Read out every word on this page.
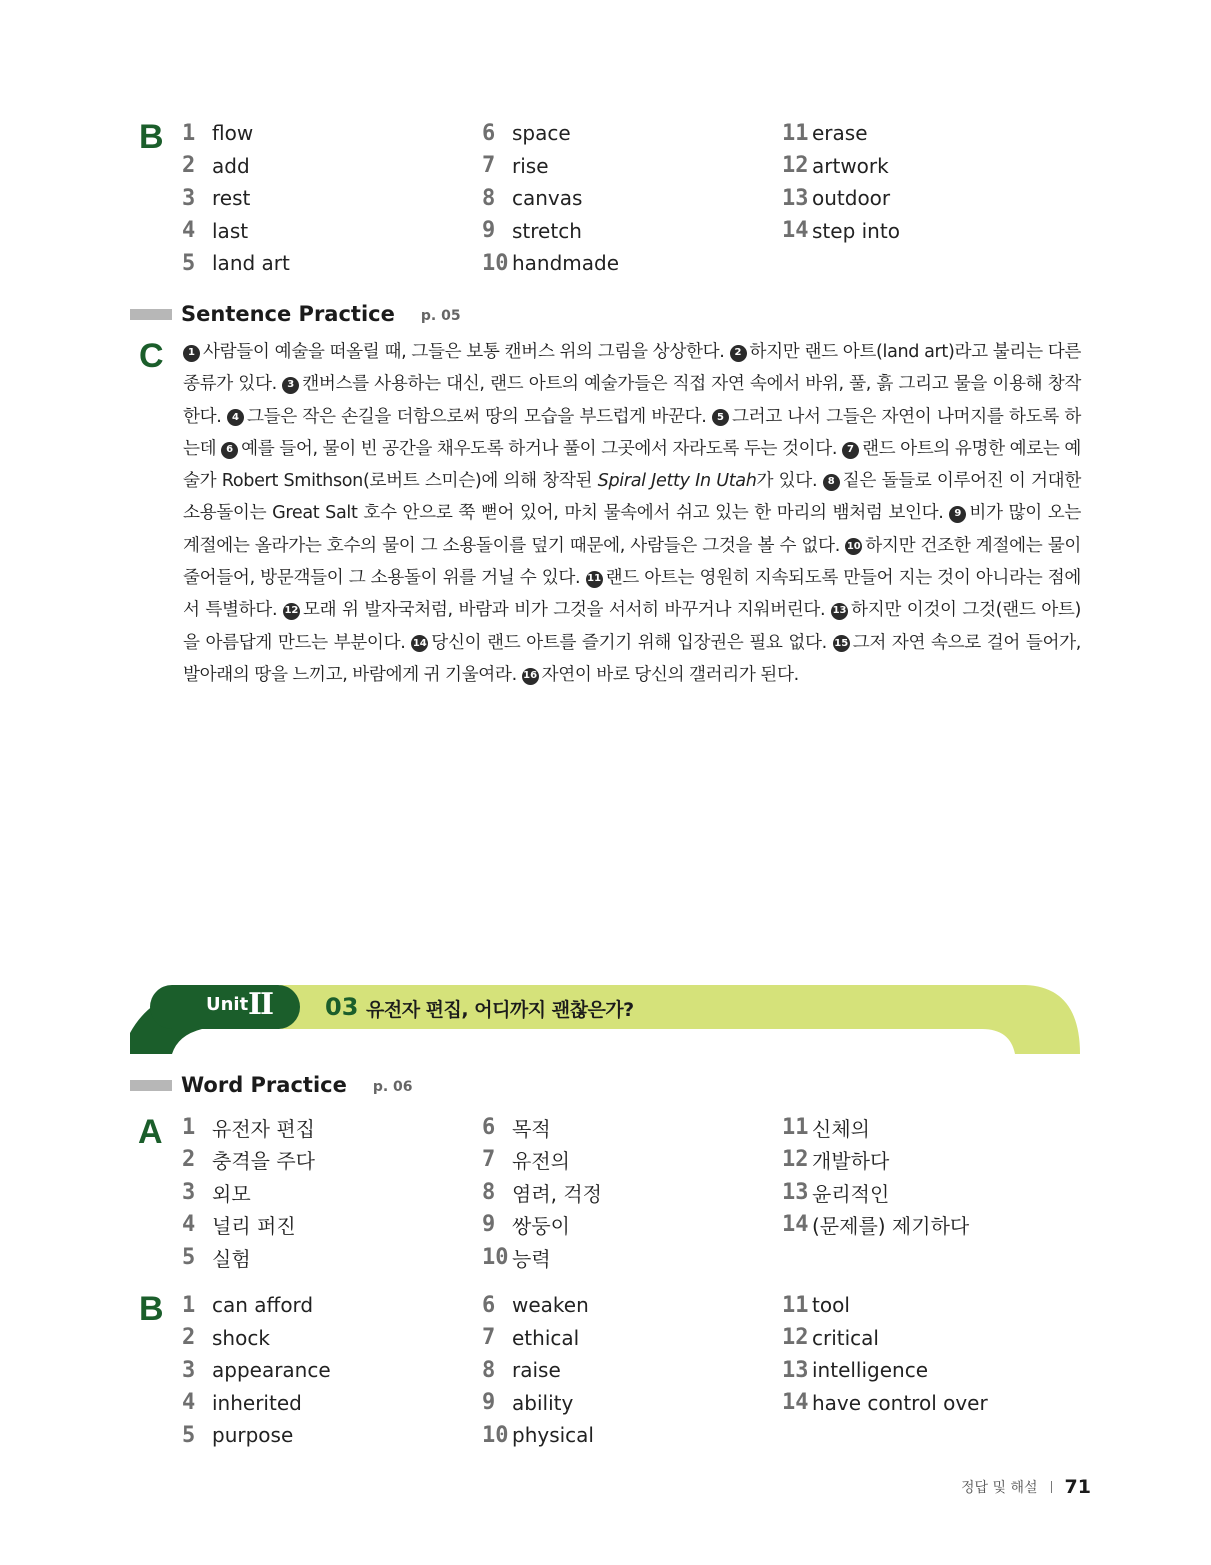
B 1 flow
2 add
3 rest
4 last
5 land art
6 space
7 rise
8 canvas
9 stretch
10 handmade
11 erase
12 artwork
13 outdoor
14 step into
Sentence Practice p. 05
C	1 사람들이 예술을 떠올릴 때, 그들은 보통 캔버스 위의 그림을 상상한다. 2 하지만 랜드 아트(land art)라고 불리는 다른 종류가 있다. 3 캔버스를 사용하는 대신, 랜드 아트의 예술가들은 직접 자연 속에서 바위, 풀, 흙 그리고 물을 이용해 창작한다. 4 그들은 작은 손길을 더함으로써 땅의 모습을 부드럽게 바꾼다. 5 그러고 나서 그들은 자연이 나머지를 하도록 하는데 6 예를 들어, 물이 빈 공간을 채우도록 하거나 풀이 그곳에서 자라도록 두는 것이다. 7 랜드 아트의 유명한 예로는 예술가 Robert Smithson(로버트 스미슨)에 의해 창작된 Spiral Jetty In Utah가 있다. 8 짙은 돌들로 이루어진 이 거대한 소용돌이는 Great Salt 호수 안으로 쭉 뻗어 있어, 마치 물속에서 쉬고 있는 한 마리의 뱀처럼 보인다. 9 비가 많이 오는 계절에는 올라가는 호수의 물이 그 소용돌이를 덮기 때문에, 사람들은 그것을 볼 수 없다. 10 하지만 건조한 계절에는 물이 줄어들어, 방문객들이 그 소용돌이 위를 거닐 수 있다. 11 랜드 아트는 영원히 지속되도록 만들어 지는 것이 아니라는 점에서 특별하다. 12 모래 위 발자국처럼, 바람과 비가 그것을 서서히 바꾸거나 지워버린다. 13 하지만 이것이 그것(랜드 아트)을 아름답게 만드는 부분이다. 14 당신이 랜드 아트를 즐기기 위해 입장권은 필요 없다. 15 그저 자연 속으로 걸어 들어가, 발아래의 땅을 느끼고, 바람에게 귀 기울여라. 16 자연이 바로 당신의 갤러리가 된다.
Unit II 03 유전자 편집, 어디까지 괜찮은가?
Word Practice p. 06
A 1 유전자 편집
2 충격을 주다
3 외모
4 널리 퍼진
5 실험
6 목적
7 유전의
8 염려, 걱정
9 쌍둥이
10 능력
11 신체의
12 개발하다
13 윤리적인
14 (문제를) 제기하다
B 1 can afford
2 shock
3 appearance
4 inherited
5 purpose
6 weaken
7 ethical
8 raise
9 ability
10 physical
11 tool
12 critical
13 intelligence
14 have control over
정답 및 해설 71
